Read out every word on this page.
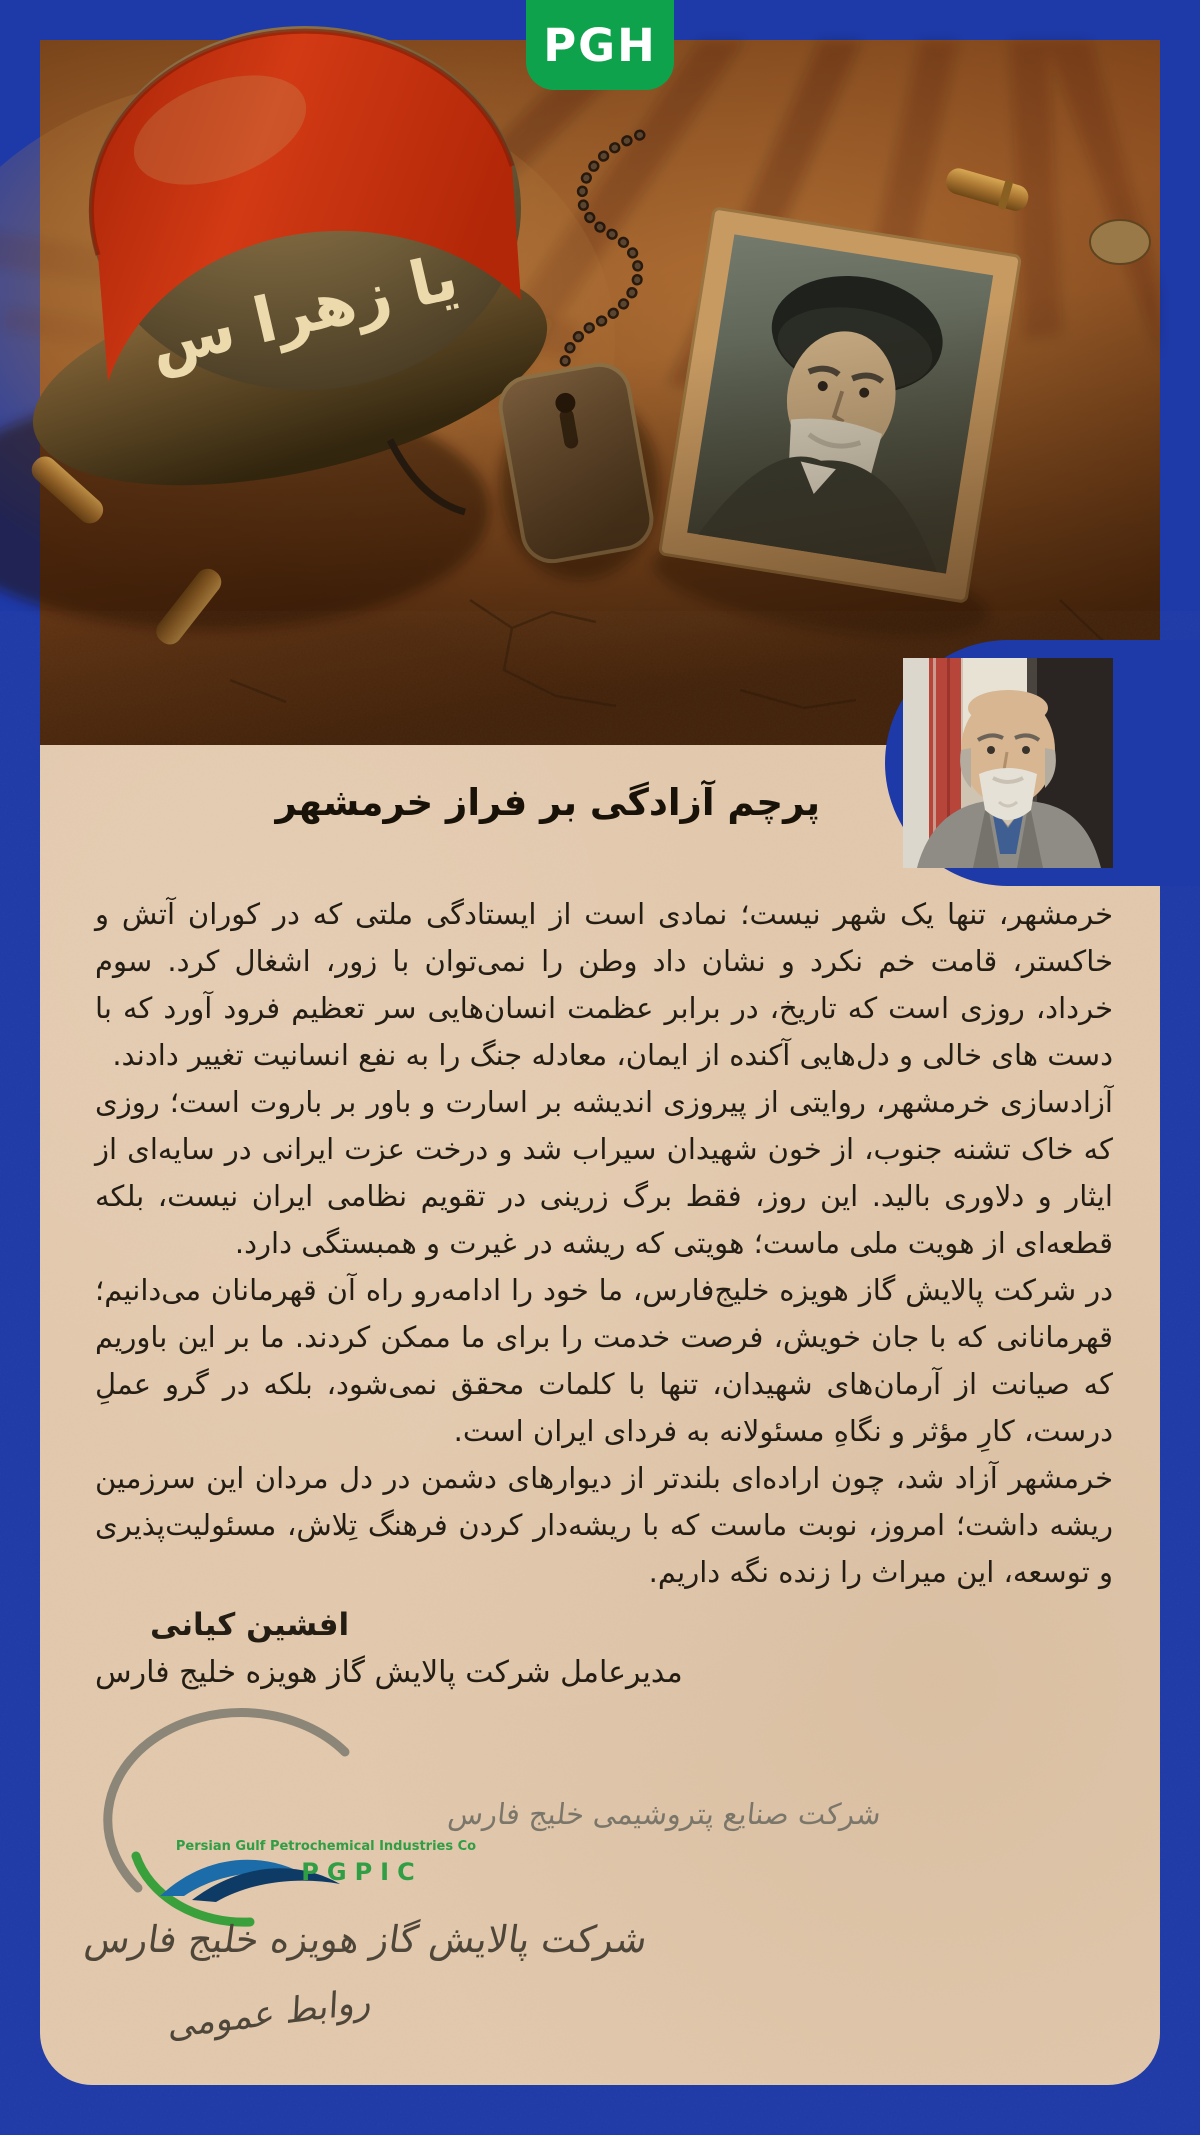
PGH
پرچم آزادگی بر فراز خرمشهر

خرمشهر، تنها یک شهر نیست؛ نمادی است از ایستادگی ملتی که در کوران آتش و خاکستر، قامت خم نکرد و نشان داد وطن را نمی‌توان با زور، اشغال کرد. سوم خرداد، روزی است که تاریخ، در برابر عظمت انسان‌هایی سر تعظیم فرود آورد که با دست های خالی و دل‌هایی آکنده از ایمان، معادله جنگ را به نفع انسانیت تغییر دادند.

آزادسازی خرمشهر، روایتی از پیروزی اندیشه بر اسارت و باور بر باروت است؛ روزی که خاک تشنه جنوب، از خون شهیدان سیراب شد و درخت عزت ایرانی در سایه‌ای از ایثار و دلاوری بالید. این روز، فقط برگ زرینی در تقویم نظامی ایران نیست، بلکه قطعه‌ای از هویت ملی ماست؛ هویتی که ریشه در غیرت و همبستگی دارد.

در شرکت پالایش گاز هویزه خلیج‌فارس، ما خود را ادامه‌رو راه آن قهرمانان می‌دانیم؛ قهرمانانی که با جان خویش، فرصت خدمت را برای ما ممکن کردند. ما بر این باوریم که صیانت از آرمان‌های شهیدان، تنها با کلمات محقق نمی‌شود، بلکه در گرو عملِ درست، کارِ مؤثر و نگاهِ مسئولانه به فردای ایران است.

خرمشهر آزاد شد، چون اراده‌ای بلندتر از دیوارهای دشمن در دل مردان این سرزمین ریشه داشت؛ امروز، نوبت ماست که با ریشه‌دار کردن فرهنگ تِلاش، مسئولیت‌پذیری و توسعه، این میراث را زنده نگه داریم.

افشین کیانی
مدیرعامل شرکت پالایش گاز هویزه خلیج فارس
شرکت صنایع پتروشیمی خلیج فارس
Persian Gulf Petrochemical Industries Co
PGPIC
شرکت پالایش گاز هویزه خلیج فارس
روابط عمومی
